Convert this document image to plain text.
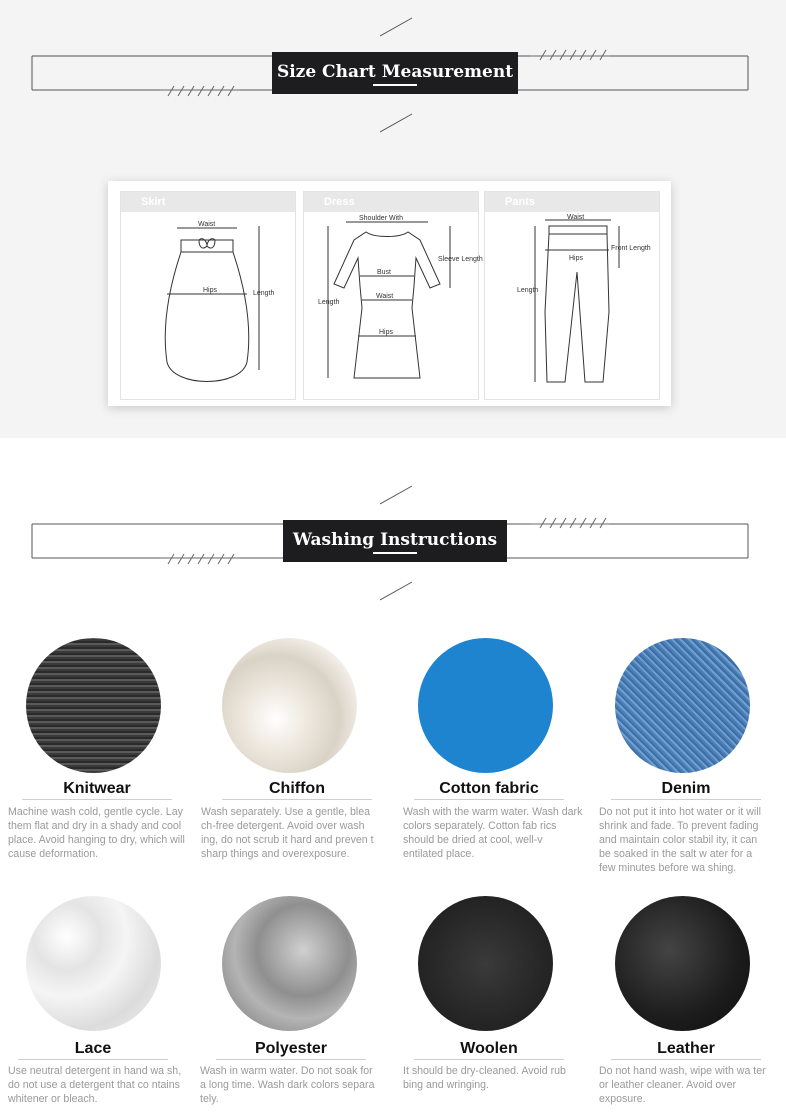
Size Chart Measurement
Skirt
Waist
Hips	Length
Dress
Shoulder With
Sleeve Length
Bust
Waist
Hips
Length
Pants
Waist
Hips
Front Length
Length
Washing Instructions
Knitwear
Machine wash cold, gentle cycle. Lay them flat and dry in a shady and cool place. Avoid hanging to dry, which will cause deformation.
Chiffon
Wash separately. Use a gentle, blea ch-free detergent. Avoid over wash ing, do not scrub it hard and preven t sharp things and overexposure.
Cotton fabric
Wash with the warm water. Wash dark colors separately. Cotton fab rics should be dried at cool, well-v entilated place.
Denim
Do not put it into hot water or it will shrink and fade. To prevent fading and maintain color stabil ity, it can be soaked in the salt w ater for a few minutes before wa shing.
Lace
Use neutral detergent in hand wa sh, do not use a detergent that co ntains whitener or bleach.
Polyester
Wash in warm water. Do not soak for a long time. Wash dark colors separa tely.
Woolen
It should be dry-cleaned. Avoid rub bing and wringing.
Leather
Do not hand wash, wipe with wa ter or leather cleaner. Avoid over exposure.
